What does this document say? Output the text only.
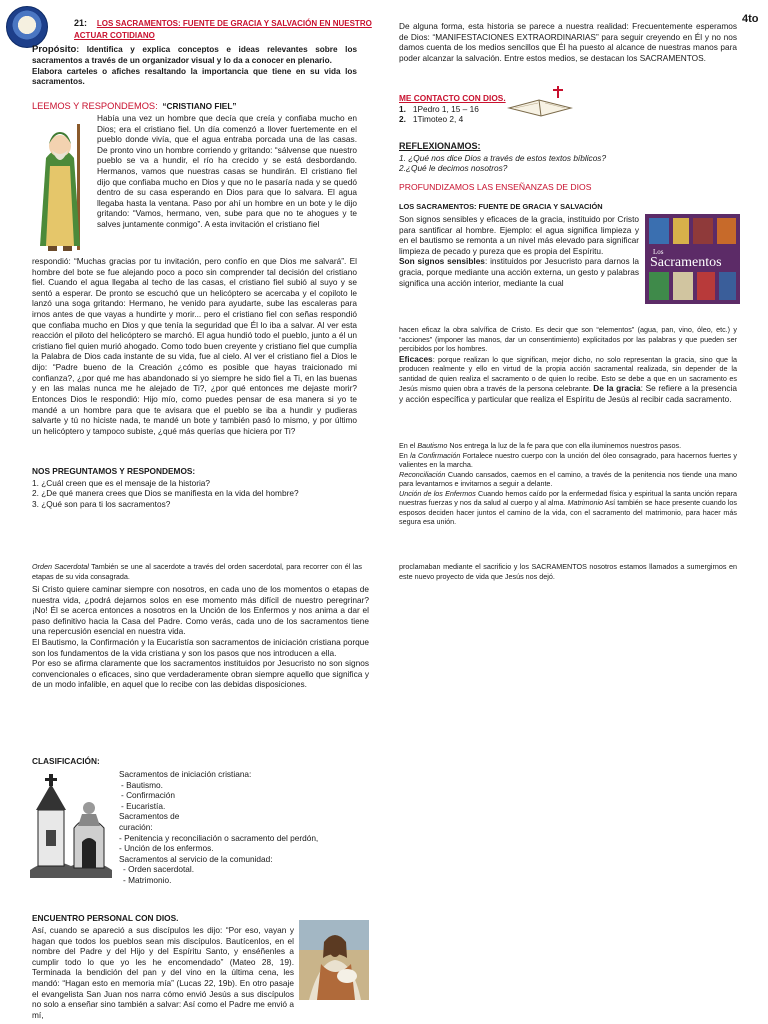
21:    LOS SACRAMENTOS: FUENTE DE GRACIA Y SALVACIÓN EN NUESTRO ACTUAR COTIDIANO
4to

Propósito: Identifica y explica conceptos e ideas relevantes sobre los sacramentos a través de un organizador visual y lo da a conocer en plenario.

Elabora carteles o afiches resaltando la importancia que tiene en su vida los sacramentos.

LEEMOS Y RESPONDEMOS: “CRISTIANO FIEL”

Había una vez un hombre que decía que creía y confiaba mucho en Dios; era el cristiano fiel. Un día comenzó a llover fuertemente en el pueblo donde vivía, que el agua entraba porcada una de las casas. De pronto vino un hombre corriendo y gritando: “sálvense que nuestro pueblo se va a hundir, el río ha crecido y se está desbordando. Hermanos, vamos que nuestras casas se hundirán. El cristiano fiel dijo que confiaba mucho en Dios y que no le pasaría nada y se quedó dentro de su casa esperando en Dios para que lo salvara. El agua llegaba hasta la ventana. Paso por ahí un hombre en un bote y le dijo gritando: “Vamos, hermano, ven, sube para que no te ahogues y te salves juntamente conmigo”. A esta invitación el cristiano fiel

respondió: “Muchas gracias por tu invitación, pero confío en que Dios me salvará”. El hombre del bote se fue alejando poco a poco sin comprender tal decisión del cristiano fiel. Cuando el agua llegaba al techo de las casas, el cristiano fiel subió al suyo y se sentó a esperar. De pronto se escuchó que un helicóptero se acercaba y el copiloto le lanzó una soga gritando: Hermano, he venido para ayudarte, sube las escaleras para irnos antes de que vayas a hundirte y morir... pero el cristiano fiel con señas respondió que confiaba mucho en Dios y que tenía la seguridad que Él lo iba a salvar. Al ver esta reacción el piloto del helicóptero se marchó. El agua hundió todo el pueblo, junto a él un cristiano fiel quien murió ahogado. Como todo buen creyente y cristiano fiel que cumplía la Palabra de Dios cada instante de su vida, fue al cielo. Al ver el cristiano fiel a Dios le dijo: “Padre bueno de la Creación ¿cómo es posible que hayas traicionado mi confianza?, ¿por qué me has abandonado si yo siempre he sido fiel a Ti, en las buenas y en las malas nunca me he alejado de Ti?, ¿por qué entonces me dejaste morir? Entonces Dios le respondió: Hijo mío, como puedes pensar de esa manera si yo te mandé a un hombre para que te avisara que el pueblo se iba a hundir y pudieras salvarte y tú no hiciste nada, te mandé un bote y también pasó lo mismo, y por último un helicóptero y tampoco subiste, ¿qué más querías que hiciera por Ti?

NOS PREGUNTAMOS Y RESPONDEMOS:
1. ¿Cuál creen que es el mensaje de la historia?
2. ¿De qué manera crees que Dios se manifiesta en la vida del hombre?
3. ¿Qué son para ti los sacramentos?

De alguna forma, esta historia se parece a nuestra realidad: Frecuentemente esperamos de Dios: “MANIFESTACIONES EXTRAORDINARIAS” para seguir creyendo en Él y no nos damos cuenta de los medios sencillos que Él ha puesto al alcance de nuestras manos para poder alcanzar la salvación. Entre estos medios, se destacan los SACRAMENTOS.

ME CONTACTO CON DIOS.
1. 1Pedro 1, 15 – 16
2. 1Timoteo 2, 4
REFLEXIONAMOS:
1. ¿Qué nos dice Dios a través de estos textos bíblicos?
2.¿Qué le decimos nosotros?
PROFUNDIZAMOS LAS ENSEÑANZAS DE DIOS
LOS SACRAMENTOS: FUENTE DE GRACIA Y SALVACIÓN

Son signos sensibles y eficaces de la gracia, instituido por Cristo para santificar al hombre. Ejemplo: el agua significa limpieza y en el bautismo se remonta a un nivel más elevado para significar limpieza de pecado y pureza que es propia del Espíritu.

Son signos sensibles: instituidos por Jesucristo para darnos la gracia, porque mediante una acción externa, un gesto y palabras significa una acción interior, mediante la cual

Los
Sacramentos

hacen eficaz la obra salvífica de Cristo. Es decir que son “elementos” (agua, pan, vino, óleo, etc.) y “acciones” (imponer las manos, dar un consentimiento) explicitados por las palabras y que pueden ser percibidos por los hombres.

Eficaces: porque realizan lo que significan, mejor dicho, no solo representan la gracia, sino que la producen realmente y ello en virtud de la propia acción sacramental realizada, sin depender de la santidad de quien realiza el sacramento o de quien lo recibe. Esto se debe a que en un sacramento es Jesús mismo quien obra a través de la persona celebrante. De la gracia: Se refiere a la presencia y acción específica y particular que realiza el Espíritu de Jesús al recibir cada sacramento.

En el Bautismo Nos entrega la luz de la fe para que con ella iluminemos nuestros pasos.

En la Confirmación Fortalece nuestro cuerpo con la unción del óleo consagrado, para hacernos fuertes y valientes en la marcha.

Reconciliación Cuando cansados, caemos en el camino, a través de la penitencia nos tiende una mano para levantarnos e invitarnos a seguir a delante.

Unción de los Enfermos Cuando hemos caído por la enfermedad física y espiritual la santa unción repara nuestras fuerzas y nos da salud al cuerpo y al alma. Matrimonio Así también se hace presente cuando los esposos deciden hacer juntos el camino de la vida, con el sacramento del matrimonio, para hacer más segura esa unión.

Orden Sacerdotal También se une al sacerdote a través del orden sacerdotal, para recorrer con él las etapas de su vida consagrada.

Si Cristo quiere caminar siempre con nosotros, en cada uno de los momentos o etapas de nuestra vida, ¿podrá dejarnos solos en ese momento más difícil de nuestro peregrinar? ¡No! Él se acerca entonces a nosotros en la Unción de los Enfermos y nos anima a dar el paso definitivo hacia la Casa del Padre. Como verás, cada uno de los sacramentos tiene una repercusión esencial en nuestra vida.

El Bautismo, la Confirmación y la Eucaristía son sacramentos de iniciación cristiana porque son los fundamentos de la vida cristiana y son los pasos que nos introducen a ella.

Por eso se afirma claramente que los sacramentos instituidos por Jesucristo no son signos convencionales o eficaces, sino que verdaderamente obran siempre aquello que significa y de un modo infalible, en aquel que lo recibe con las debidas disposiciones.

CLASIFICACIÓN:
Sacramentos de iniciación cristiana:
- Bautismo.
- Confirmación
- Eucaristía.
Sacramentos de
curación:
- Penitencia y reconciliación o sacramento del perdón,
- Unción de los enfermos.
Sacramentos al servicio de la comunidad:
- Orden sacerdotal.
- Matrimonio.
ENCUENTRO PERSONAL CON DIOS.

Así, cuando se apareció a sus discípulos les dijo: “Por eso, vayan y hagan que todos los pueblos sean mis discípulos. Bautícenlos, en el nombre del Padre y del Hijo y del Espíritu Santo, y enséñenles a cumplir todo lo que yo les he encomendado” (Mateo 28, 19). Terminada la bendición del pan y del vino en la última cena, les mandó: “Hagan esto en memoria mía” (Lucas 22, 19b). En otro pasaje el evangelista San Juan nos narra cómo envió Jesús a sus discípulos no solo a enseñar sino también a salvar: Así como el Padre me envió a mí,

proclamaban mediante el sacrificio y los SACRAMENTOS nosotros estamos llamados a sumergirnos en este nuevo proyecto de vida que Jesús nos dejó.
